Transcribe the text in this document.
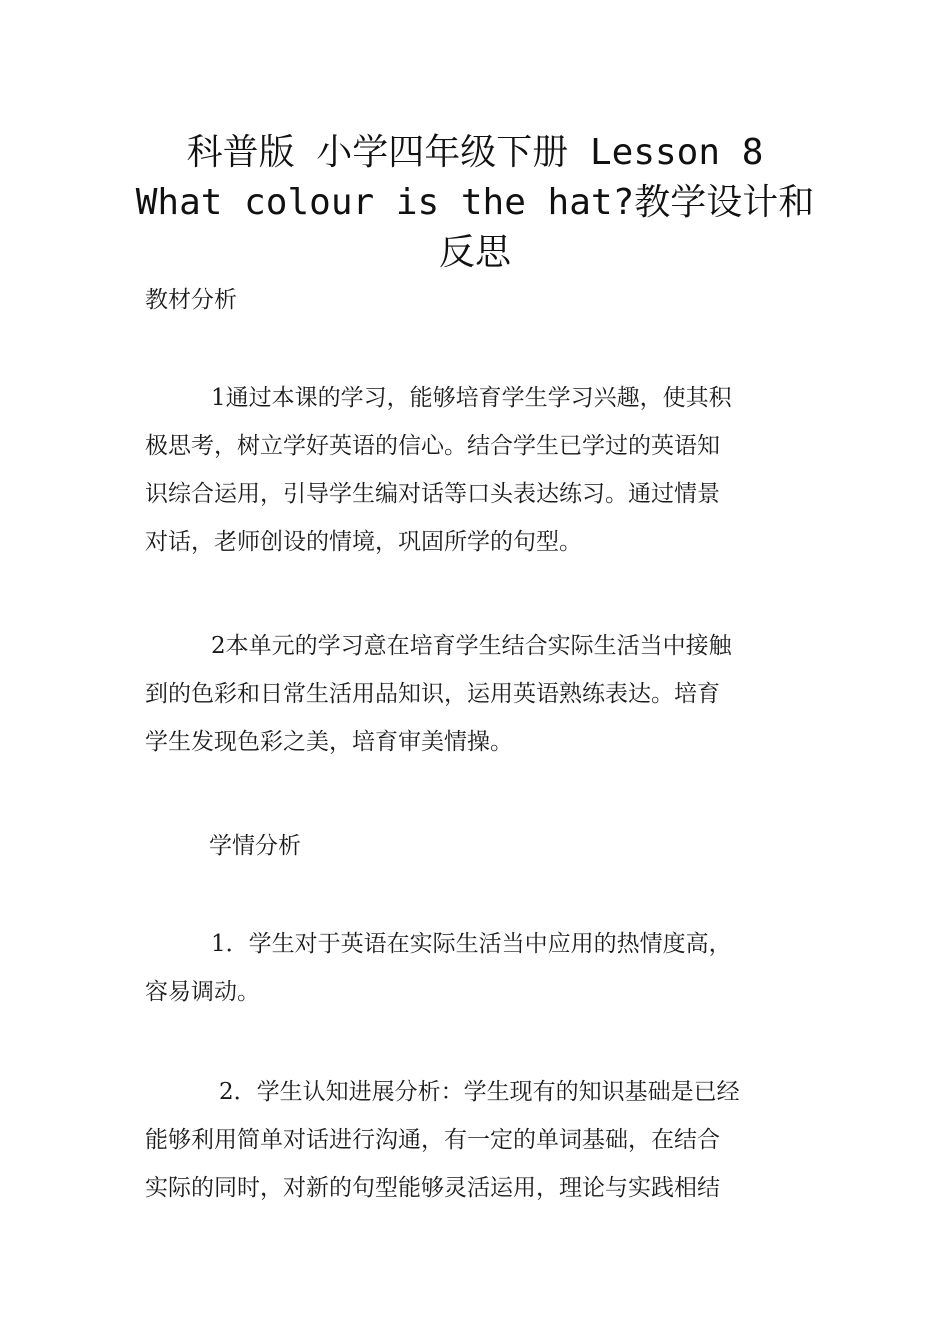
科普版 小学四年级下册 Lesson 8
What colour is the hat?教学设计和
反思
教材分析
1通过本课的学习，能够培育学生学习兴趣，使其积
极思考，树立学好英语的信心。结合学生已学过的英语知
识综合运用，引导学生编对话等口头表达练习。通过情景
对话，老师创设的情境，巩固所学的句型。
2本单元的学习意在培育学生结合实际生活当中接触
到的色彩和日常生活用品知识，运用英语熟练表达。培育
学生发现色彩之美，培育审美情操。
学情分析
1．学生对于英语在实际生活当中应用的热情度高，
容易调动。
2．学生认知进展分析：学生现有的知识基础是已经
能够利用简单对话进行沟通，有一定的单词基础，在结合
实际的同时，对新的句型能够灵活运用，理论与实践相结
